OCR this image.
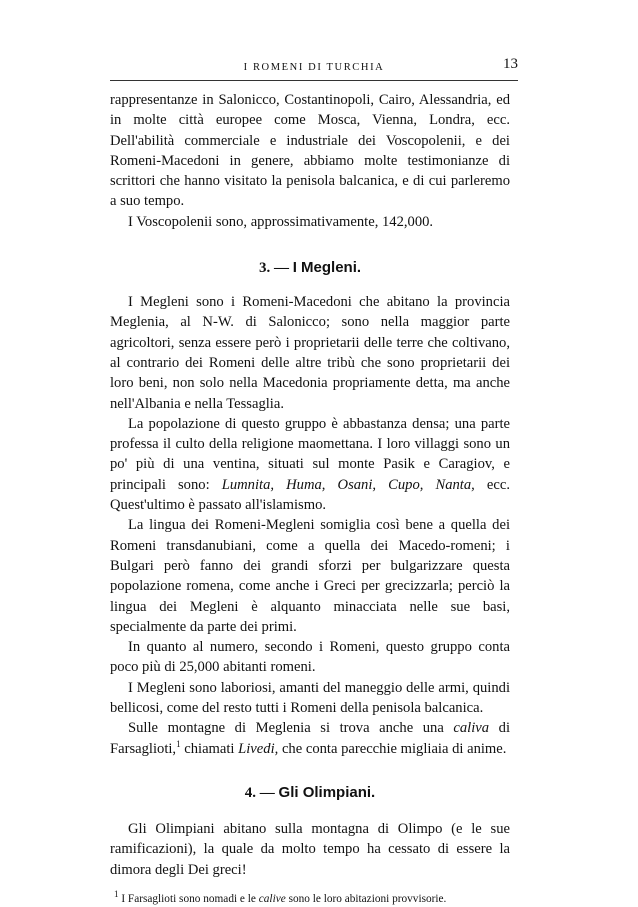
I ROMENI DI TURCHIA	13

rappresentanze in Salonicco, Costantinopoli, Cairo, Alessandria, ed in molte città europee come Mosca, Vienna, Londra, ecc. Dell'abilità commerciale e industriale dei Voscopolenii, e dei Romeni-Macedoni in genere, abbiamo molte testimonianze di scrittori che hanno visitato la penisola balcanica, e di cui parleremo a suo tempo.

I Voscopolenii sono, approssimativamente, 142,000.

3. — I Megleni.

I Megleni sono i Romeni-Macedoni che abitano la provincia Meglenia, al N-W. di Salonicco; sono nella maggior parte agricoltori, senza essere però i proprietarii delle terre che coltivano, al contrario dei Romeni delle altre tribù che sono proprietarii dei loro beni, non solo nella Macedonia propriamente detta, ma anche nell'Albania e nella Tessaglia.

La popolazione di questo gruppo è abbastanza densa; una parte professa il culto della religione maomettana. I loro villaggi sono un po' più di una ventina, situati sul monte Pasik e Caragiov, e principali sono: Lumnita, Huma, Osani, Cupo, Nanta, ecc. Quest'ultimo è passato all'islamismo.

La lingua dei Romeni-Megleni somiglia così bene a quella dei Romeni transdanubiani, come a quella dei Macedo-romeni; i Bulgari però fanno dei grandi sforzi per bulgarizzare questa popolazione romena, come anche i Greci per grecizzarla; perciò la lingua dei Megleni è alquanto minacciata nelle sue basi, specialmente da parte dei primi.

In quanto al numero, secondo i Romeni, questo gruppo conta poco più di 25,000 abitanti romeni.

I Megleni sono laboriosi, amanti del maneggio delle armi, quindi bellicosi, come del resto tutti i Romeni della penisola balcanica.

Sulle montagne di Meglenia si trova anche una caliva di Farsaglioti,$^1$ chiamati Livedi, che conta parecchie migliaia di anime.

4. — Gli Olimpiani.

Gli Olimpiani abitano sulla montagna di Olimpo (e le sue ramificazioni), la quale da molto tempo ha cessato di essere la dimora degli Dei greci!

$^1$ I Farsaglioti sono nomadi e le calive sono le loro abitazioni provvisorie.
